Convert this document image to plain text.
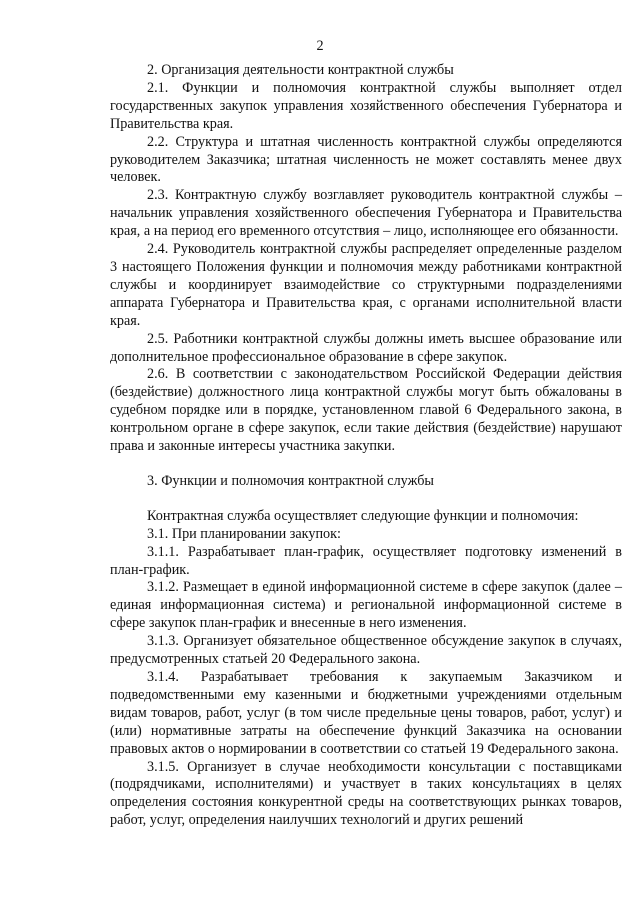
2

2. Организация деятельности контрактной службы

2.1. Функции и полномочия контрактной службы выполняет отдел государственных закупок управления хозяйственного обеспечения Губернатора и Правительства края.

2.2. Структура и штатная численность контрактной службы определяются руководителем Заказчика; штатная численность не может составлять менее двух человек.

2.3. Контрактную службу возглавляет руководитель контрактной службы – начальник управления хозяйственного обеспечения Губернатора и Правительства края, а на период его временного отсутствия – лицо, исполняющее его обязанности.

2.4. Руководитель контрактной службы распределяет определенные разделом 3 настоящего Положения функции и полномочия между работниками контрактной службы и координирует взаимодействие со структурными подразделениями аппарата Губернатора и Правительства края, с органами исполнительной власти края.

2.5. Работники контрактной службы должны иметь высшее образование или дополнительное профессиональное образование в сфере закупок.

2.6. В соответствии с законодательством Российской Федерации действия (бездействие) должностного лица контрактной службы могут быть обжалованы в судебном порядке или в порядке, установленном главой 6 Федерального закона, в контрольном органе в сфере закупок, если такие действия (бездействие) нарушают права и законные интересы участника закупки.

3. Функции и полномочия контрактной службы

Контрактная служба осуществляет следующие функции и полномочия:

3.1. При планировании закупок:

3.1.1. Разрабатывает план-график, осуществляет подготовку изменений в план-график.

3.1.2. Размещает в единой информационной системе в сфере закупок (далее – единая информационная система) и региональной информационной системе в сфере закупок план-график и внесенные в него изменения.

3.1.3. Организует обязательное общественное обсуждение закупок в случаях, предусмотренных статьей 20 Федерального закона.

3.1.4. Разрабатывает требования к закупаемым Заказчиком и подведомственными ему казенными и бюджетными учреждениями отдельным видам товаров, работ, услуг (в том числе предельные цены товаров, работ, услуг) и (или) нормативные затраты на обеспечение функций Заказчика на основании правовых актов о нормировании в соответствии со статьей 19 Федерального закона.

3.1.5. Организует в случае необходимости консультации с поставщиками (подрядчиками, исполнителями) и участвует в таких консультациях в целях определения состояния конкурентной среды на соответствующих рынках товаров, работ, услуг, определения наилучших технологий и других решений
